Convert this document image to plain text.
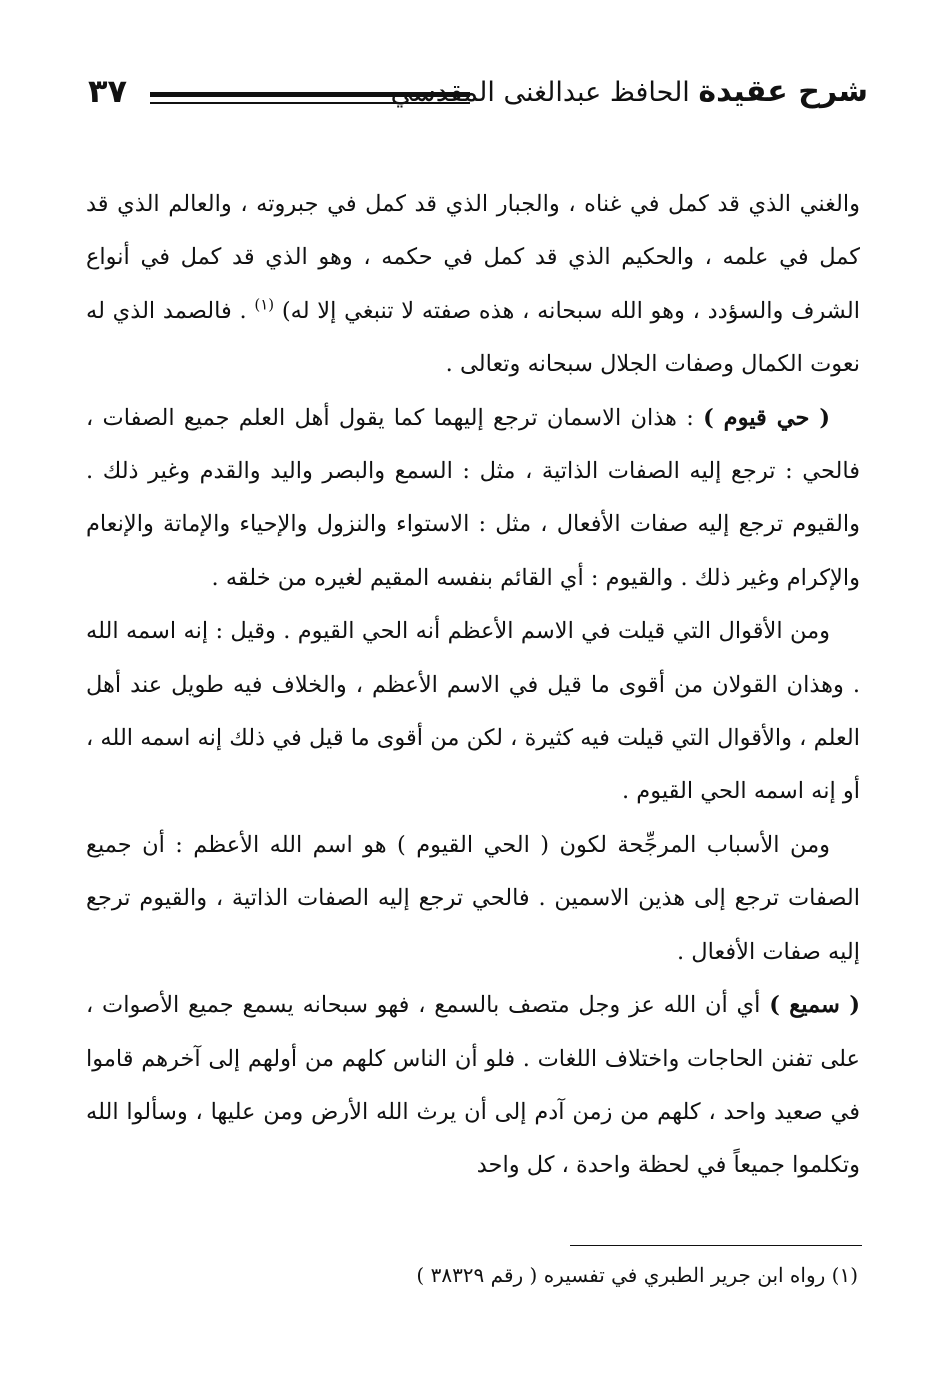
شرح عقيدة الحافظ عبدالغنى المقدسي
٣٧

والغني الذي قد كمل في غناه ، والجبار الذي قد كمل في جبروته ، والعالم الذي قد كمل في علمه ، والحكيم الذي قد كمل في حكمه ، وهو الذي قد كمل في أنواع الشرف والسؤدد ، وهو الله سبحانه ، هذه صفته لا تنبغي إلا له) $^{(١)}$ . فالصمد الذي له نعوت الكمال وصفات الجلال سبحانه وتعالى .

( حي قيوم ) : هذان الاسمان ترجع إليهما كما يقول أهل العلم جميع الصفات ، فالحي : ترجع إليه الصفات الذاتية ، مثل : السمع والبصر واليد والقدم وغير ذلك . والقيوم ترجع إليه صفات الأفعال ، مثل : الاستواء والنزول والإحياء والإماتة والإنعام والإكرام وغير ذلك . والقيوم : أي القائم بنفسه المقيم لغيره من خلقه .

ومن الأقوال التي قيلت في الاسم الأعظم أنه الحي القيوم . وقيل : إنه اسمه الله . وهذان القولان من أقوى ما قيل في الاسم الأعظم ، والخلاف فيه طويل عند أهل العلم ، والأقوال التي قيلت فيه كثيرة ، لكن من أقوى ما قيل في ذلك إنه اسمه الله ، أو إنه اسمه الحي القيوم .

ومن الأسباب المرجِّحة لكون ( الحي القيوم ) هو اسم الله الأعظم : أن جميع الصفات ترجع إلى هذين الاسمين . فالحي ترجع إليه الصفات الذاتية ، والقيوم ترجع إليه صفات الأفعال .

( سميع ) أي أن الله عز وجل متصف بالسمع ، فهو سبحانه يسمع جميع الأصوات ، على تفنن الحاجات واختلاف اللغات . فلو أن الناس كلهم من أولهم إلى آخرهم قاموا في صعيد واحد ، كلهم من زمن آدم إلى أن يرث الله الأرض ومن عليها ، وسألوا الله وتكلموا جميعاً في لحظة واحدة ، كل واحد

(١) رواه ابن جرير الطبري في تفسيره ( رقم ٣٨٣٢٩ )
